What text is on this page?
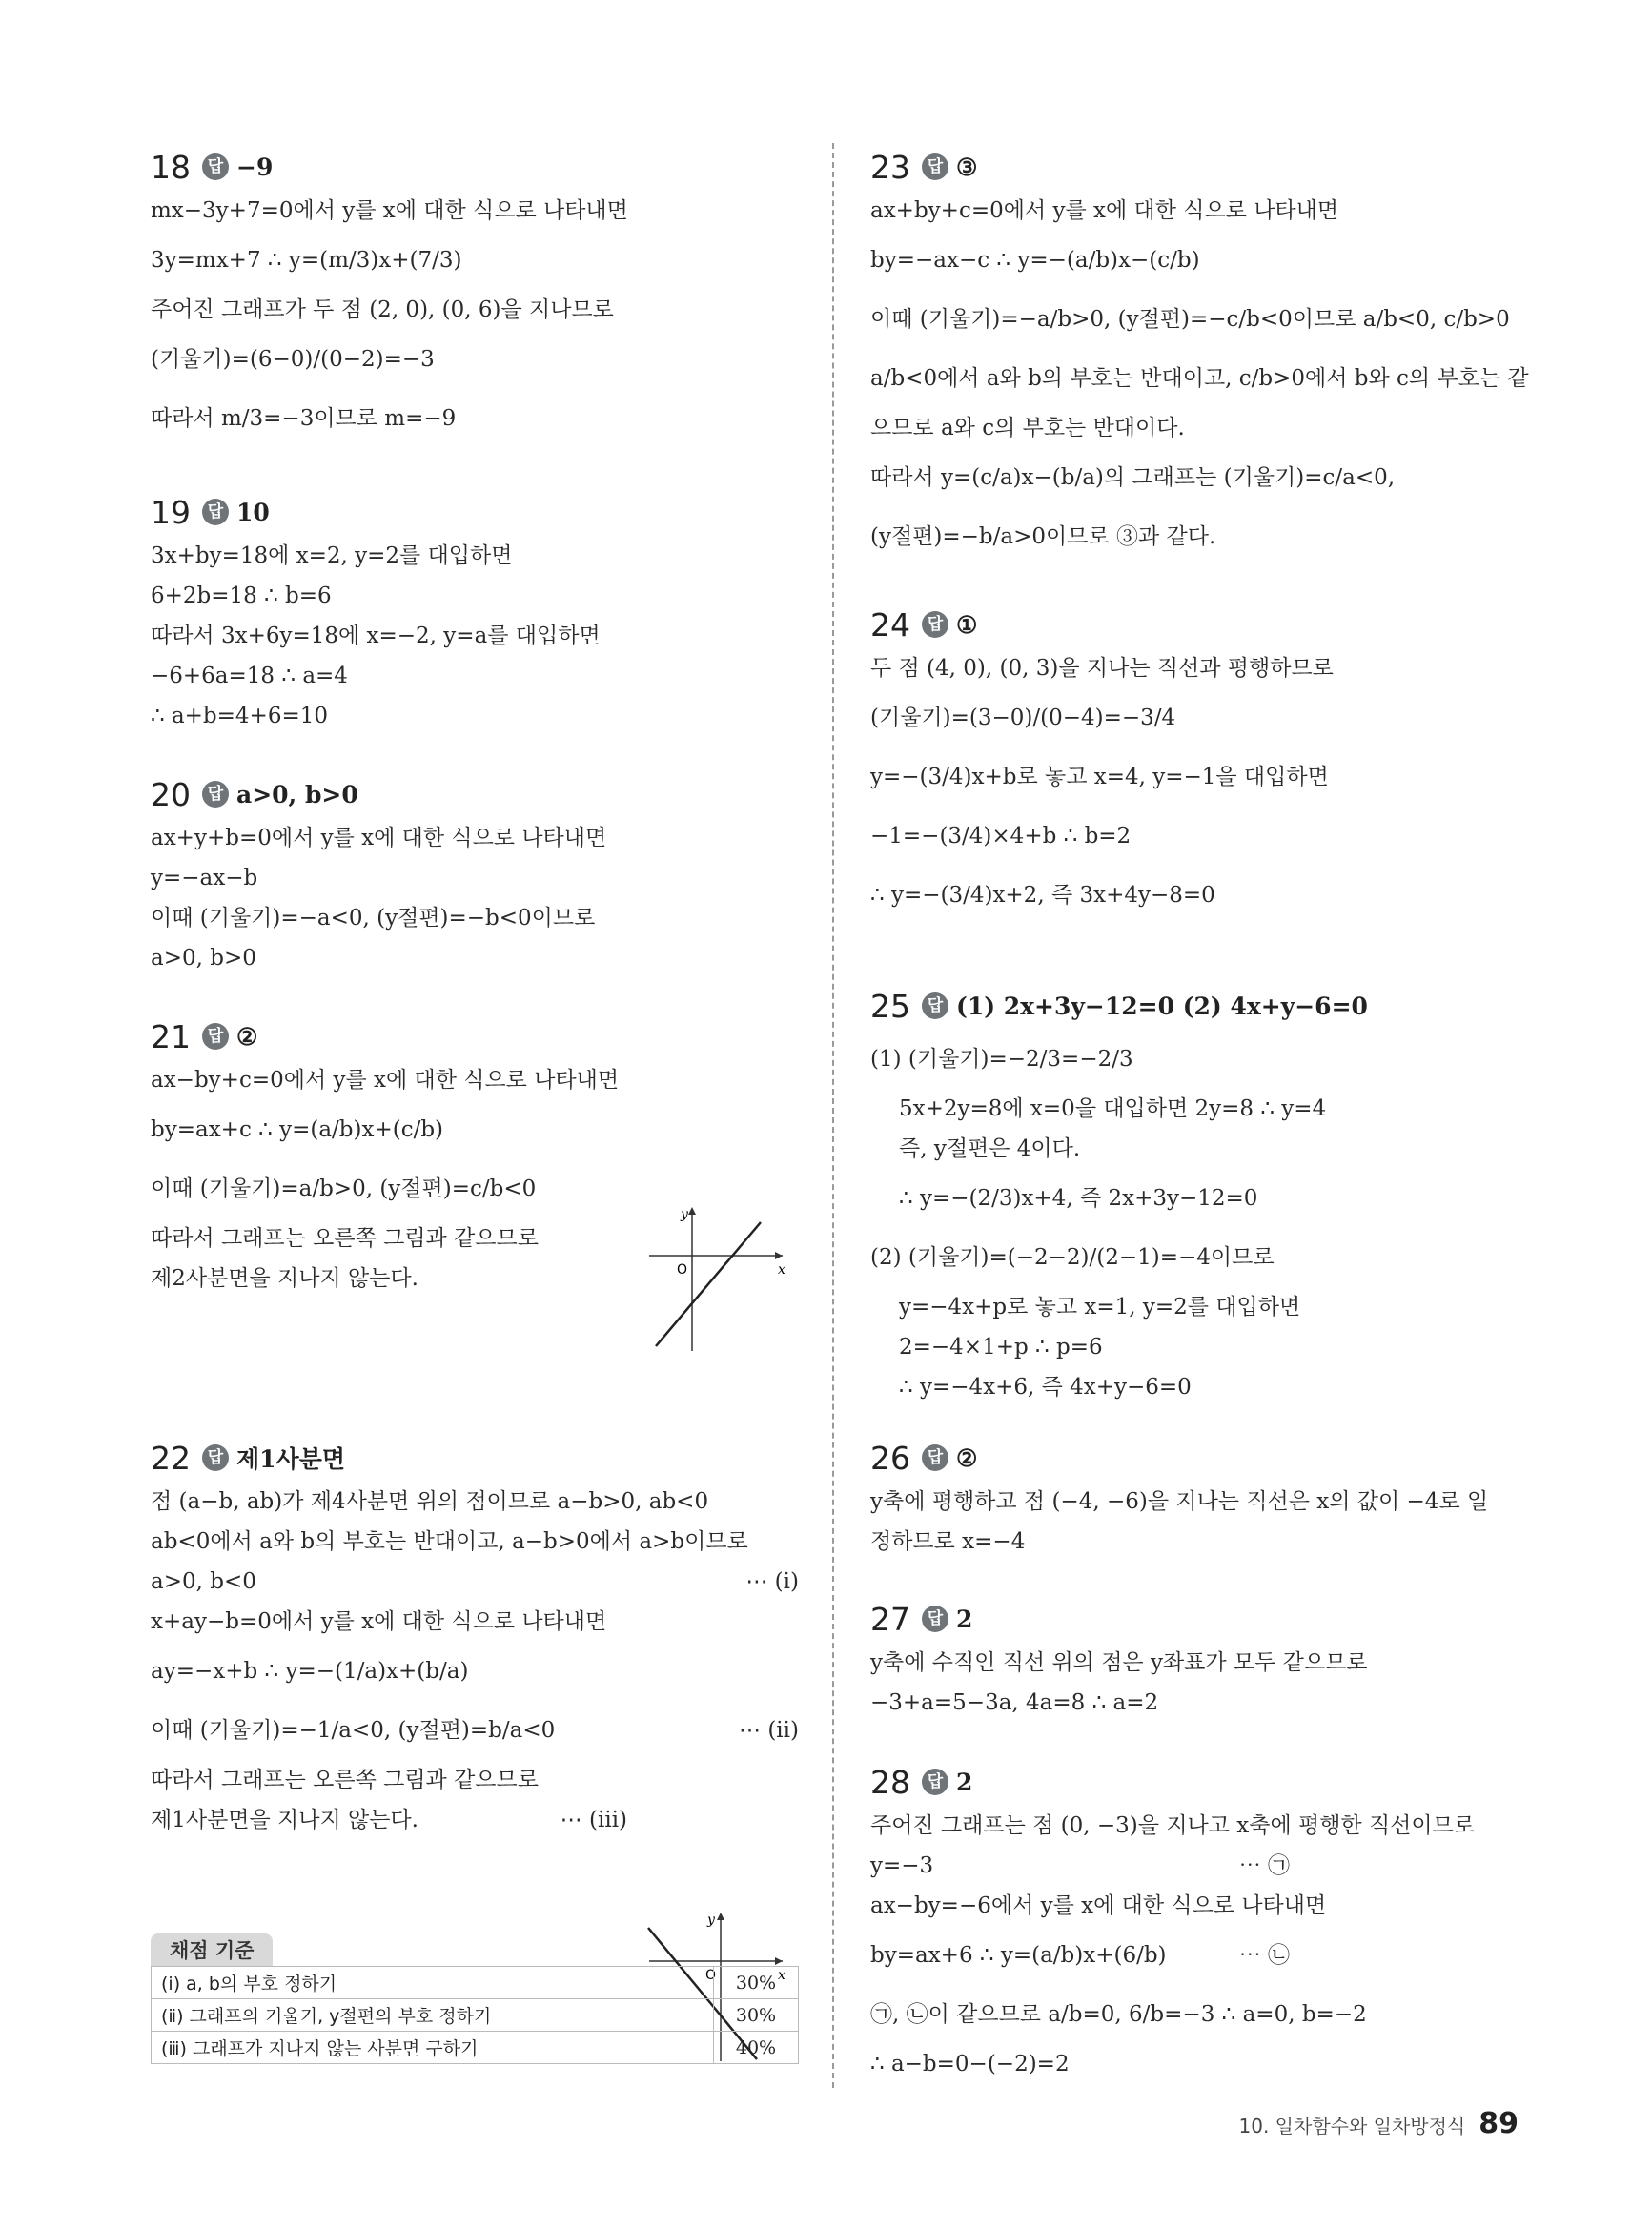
18	답 −9
mx−3y+7=0에서 y를 x에 대한 식으로 나타내면
3y=mx+7 ∴ y=(m/3)x+(7/3)
주어진 그래프가 두 점 (2, 0), (0, 6)을 지나므로
(기울기)=(6−0)/(0−2)=−3
따라서 m/3=−3이므로 m=−9
19	답 10
3x+by=18에 x=2, y=2를 대입하면
6+2b=18 ∴ b=6
따라서 3x+6y=18에 x=−2, y=a를 대입하면
−6+6a=18 ∴ a=4
∴ a+b=4+6=10
20	답 a>0, b>0
ax+y+b=0에서 y를 x에 대한 식으로 나타내면
y=−ax−b
이때 (기울기)=−a<0, (y절편)=−b<0이므로
a>0, b>0
21	답 ②
ax−by+c=0에서 y를 x에 대한 식으로 나타내면
by=ax+c ∴ y=(a/b)x+(c/b)
이때 (기울기)=a/b>0, (y절편)=c/b<0
따라서 그래프는 오른쪽 그림과 같으므로
제2사분면을 지나지 않는다.
y
x
O
22	답 제1사분면
점 (a−b, ab)가 제4사분면 위의 점이므로 a−b>0, ab<0
ab<0에서 a와 b의 부호는 반대이고, a−b>0에서 a>b이므로
a>0, b<0	⋯ (ⅰ)
x+ay−b=0에서 y를 x에 대한 식으로 나타내면
ay=−x+b ∴ y=−(1/a)x+(b/a)
이때 (기울기)=−1/a<0, (y절편)=b/a<0	⋯ (ⅱ)
따라서 그래프는 오른쪽 그림과 같으므로
제1사분면을 지나지 않는다.	⋯ (ⅲ)
y
x
O
채점 기준
(ⅰ) a, b의 부호 정하기	30%
(ⅱ) 그래프의 기울기, y절편의 부호 정하기	30%
(ⅲ) 그래프가 지나지 않는 사분면 구하기	40%
23	답 ③
ax+by+c=0에서 y를 x에 대한 식으로 나타내면
by=−ax−c ∴ y=−(a/b)x−(c/b)
이때 (기울기)=−a/b>0, (y절편)=−c/b<0이므로 a/b<0, c/b>0
a/b<0에서 a와 b의 부호는 반대이고, c/b>0에서 b와 c의 부호는 같
으므로 a와 c의 부호는 반대이다.
따라서 y=(c/a)x−(b/a)의 그래프는 (기울기)=c/a<0,
(y절편)=−b/a>0이므로 ③과 같다.
24	답 ①
두 점 (4, 0), (0, 3)을 지나는 직선과 평행하므로
(기울기)=(3−0)/(0−4)=−3/4
y=−(3/4)x+b로 놓고 x=4, y=−1을 대입하면
−1=−(3/4)×4+b ∴ b=2
∴ y=−(3/4)x+2, 즉 3x+4y−8=0
25	답 (1) 2x+3y−12=0 (2) 4x+y−6=0
(1) (기울기)=−2/3=−2/3
5x+2y=8에 x=0을 대입하면 2y=8 ∴ y=4
즉, y절편은 4이다.
∴ y=−(2/3)x+4, 즉 2x+3y−12=0
(2) (기울기)=(−2−2)/(2−1)=−4이므로
y=−4x+p로 놓고 x=1, y=2를 대입하면
2=−4×1+p ∴ p=6
∴ y=−4x+6, 즉 4x+y−6=0
26	답 ②
y축에 평행하고 점 (−4, −6)을 지나는 직선은 x의 값이 −4로 일
정하므로 x=−4
27	답 2
y축에 수직인 직선 위의 점은 y좌표가 모두 같으므로
−3+a=5−3a, 4a=8 ∴ a=2
28	답 2
주어진 그래프는 점 (0, −3)을 지나고 x축에 평행한 직선이므로
y=−3	⋯ ㉠
ax−by=−6에서 y를 x에 대한 식으로 나타내면
by=ax+6 ∴ y=(a/b)x+(6/b)	⋯ ㉡
㉠, ㉡이 같으므로 a/b=0, 6/b=−3 ∴ a=0, b=−2
∴ a−b=0−(−2)=2
10. 일차함수와 일차방정식 89
